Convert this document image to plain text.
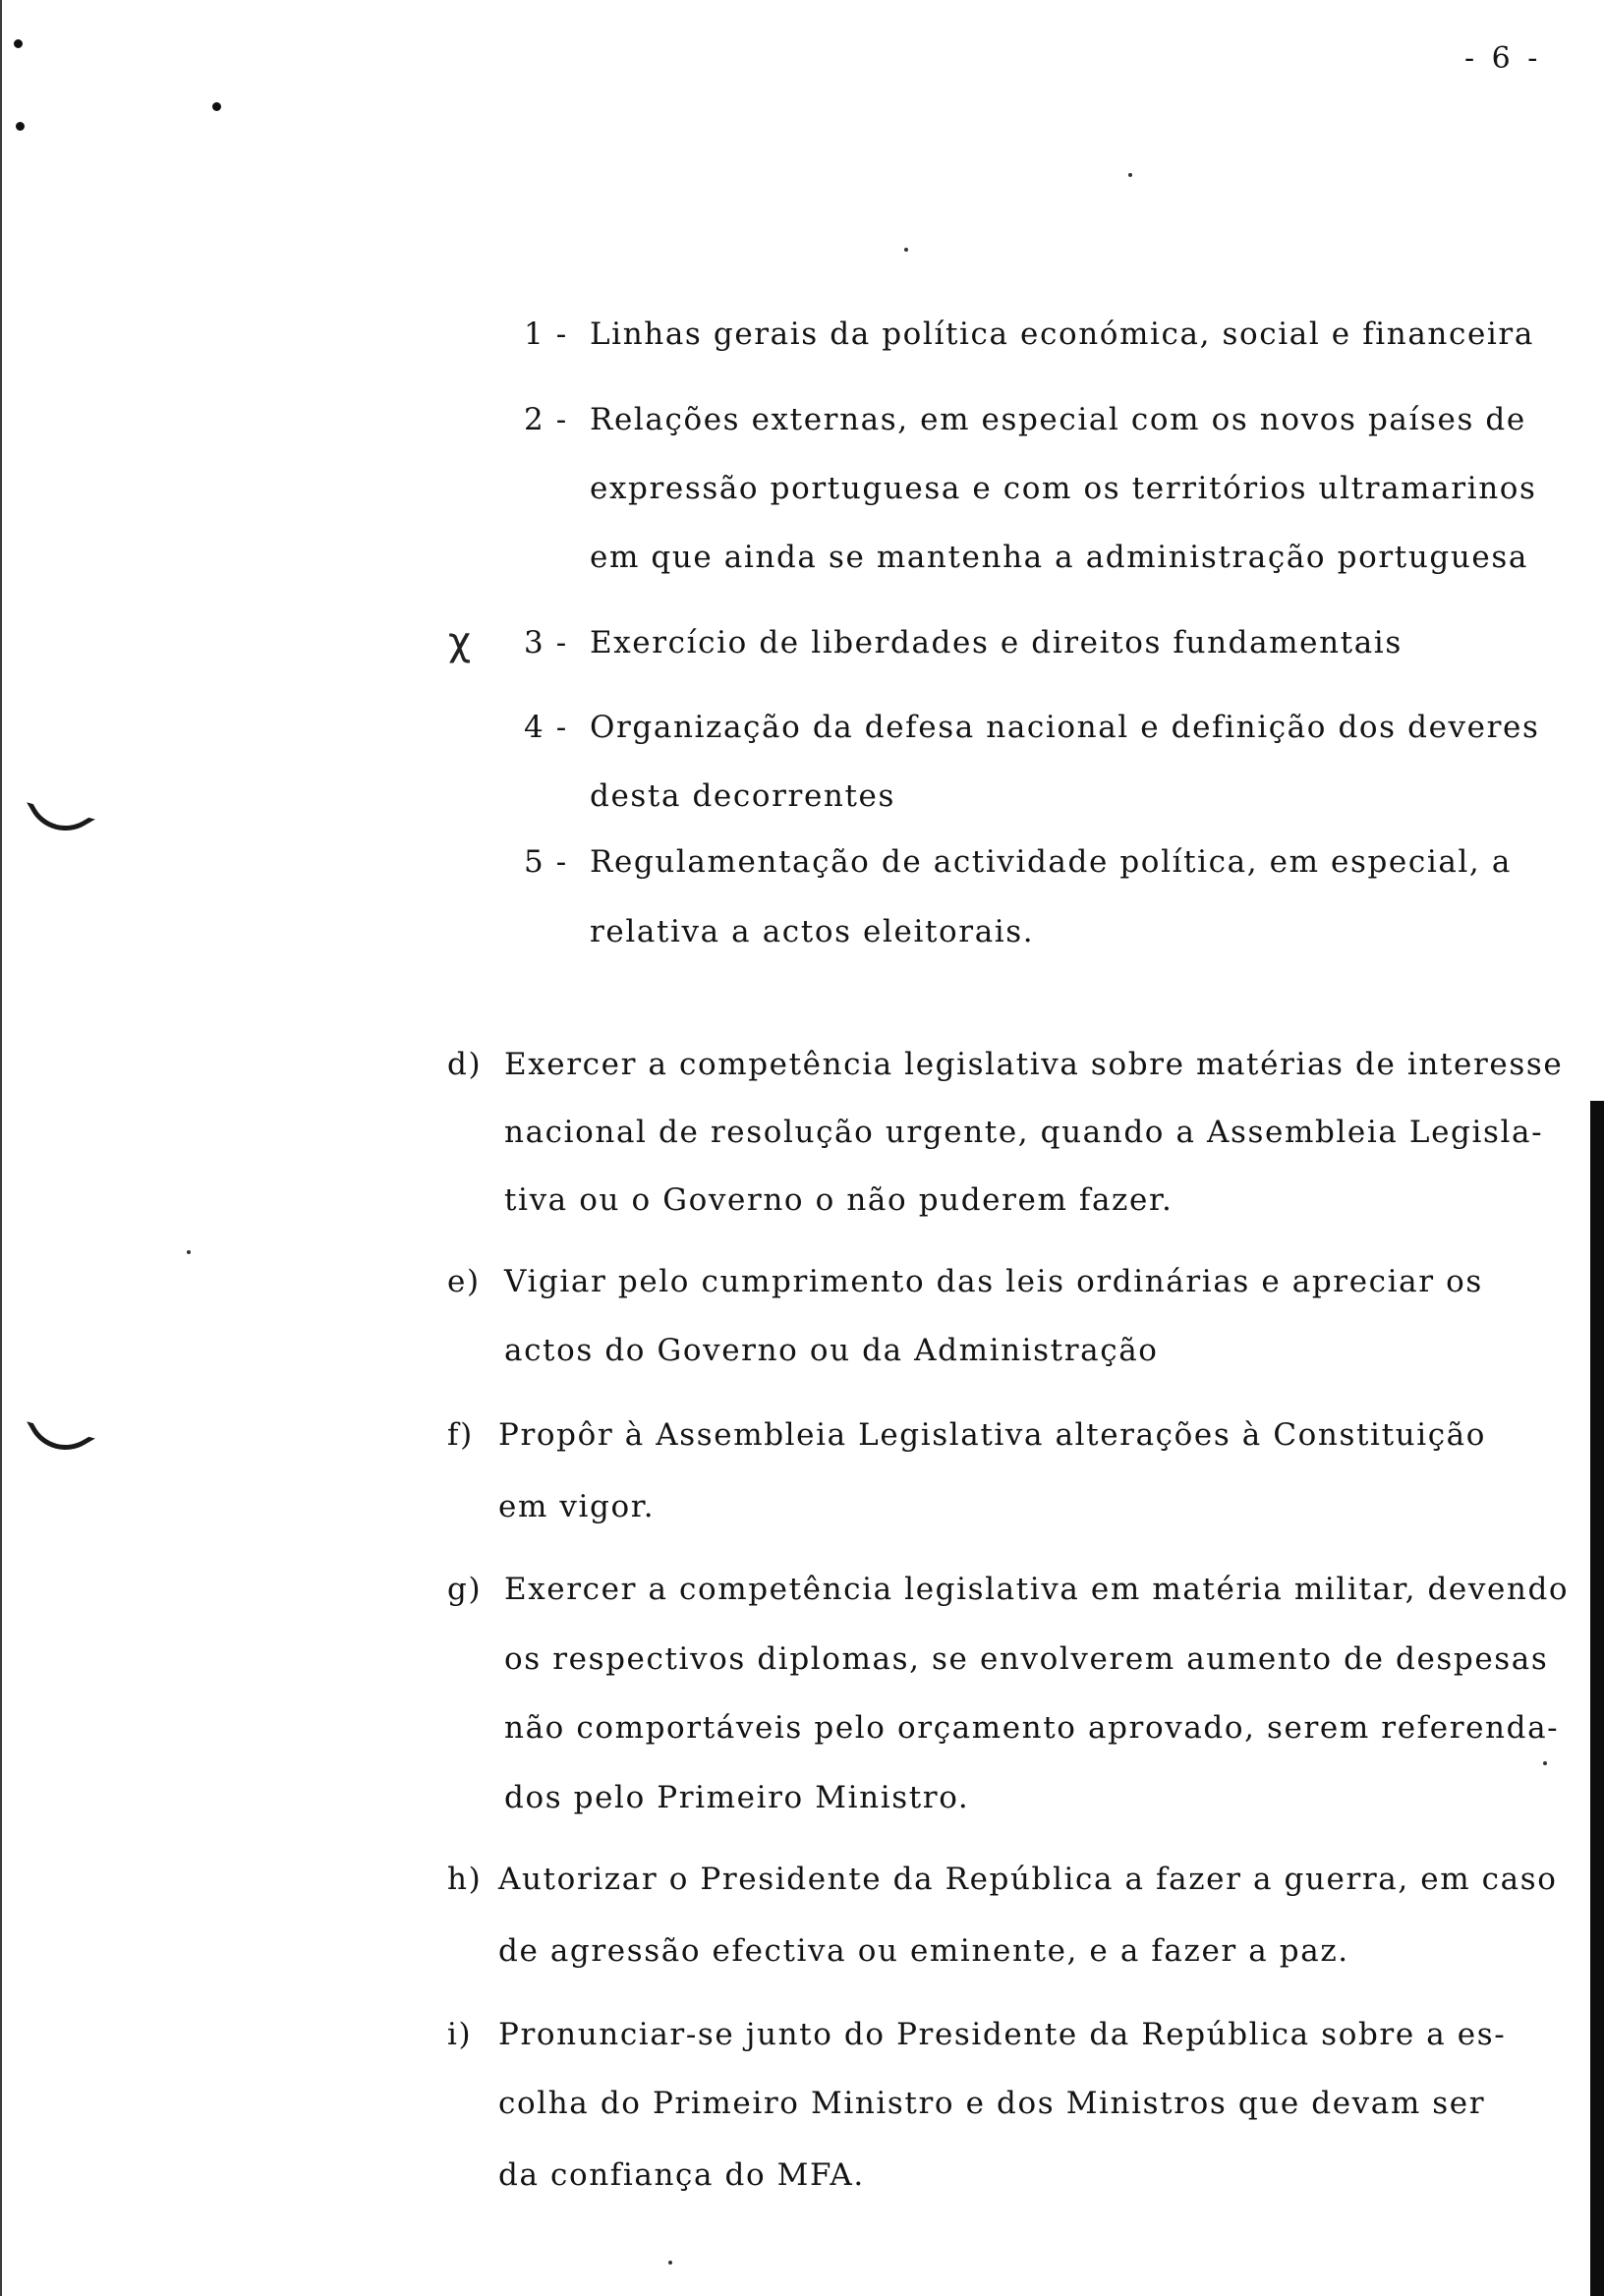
- 6 -
χ
1 - Linhas gerais da política económica, social e financeira
2 - Relações externas, em especial com os novos países de
expressão portuguesa e com os territórios ultramarinos
em que ainda se mantenha a administração portuguesa
3 - Exercício de liberdades e direitos fundamentais
4 - Organização da defesa nacional e definição dos deveres
desta decorrentes
5 - Regulamentação de actividade política, em especial, a
relativa a actos eleitorais.
d) Exercer a competência legislativa sobre matérias de interesse
nacional de resolução urgente, quando a Assembleia Legisla-
tiva ou o Governo o não puderem fazer.
e) Vigiar pelo cumprimento das leis ordinárias e apreciar os
actos do Governo ou da Administração
f) Propôr à Assembleia Legislativa alterações à Constituição
em vigor.
g) Exercer a competência legislativa em matéria militar, devendo
os respectivos diplomas, se envolverem aumento de despesas
não comportáveis pelo orçamento aprovado, serem referenda-
dos pelo Primeiro Ministro.
h) Autorizar o Presidente da República a fazer a guerra, em caso
de agressão efectiva ou eminente, e a fazer a paz.
i) Pronunciar-se junto do Presidente da República sobre a es-
colha do Primeiro Ministro e dos Ministros que devam ser
da confiança do MFA.
